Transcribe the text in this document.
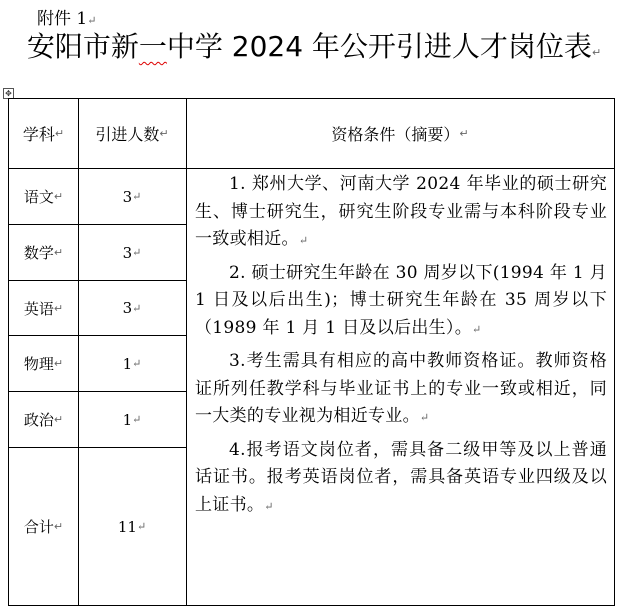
附件 1↵
安阳市新一中学 2024 年公开引进人才岗位表↵
✥
学科 ↵ 引进人数 ↵	资格条件（摘要） ↵
语文 ↵	3 ↵
数学 ↵	3 ↵
英语 ↵	3 ↵
物理 ↵	1 ↵
政治 ↵	1 ↵
合计 ↵	11 ↵

1. 郑州大学、河南大学 2024 年毕业的硕士研究生、博士研究生，研究生阶段专业需与本科阶段专业一致或相近。↵

2. 硕士研究生年龄在 30 周岁以下(1994 年 1 月 1 日及以后出生)；博士研究生年龄在 35 周岁以下（1989 年 1 月 1 日及以后出生）。↵

3.考生需具有相应的高中教师资格证。教师资格证所列任教学科与毕业证书上的专业一致或相近，同一大类的专业视为相近专业。↵

4.报考语文岗位者，需具备二级甲等及以上普通话证书。报考英语岗位者，需具备英语专业四级及以上证书。↵
